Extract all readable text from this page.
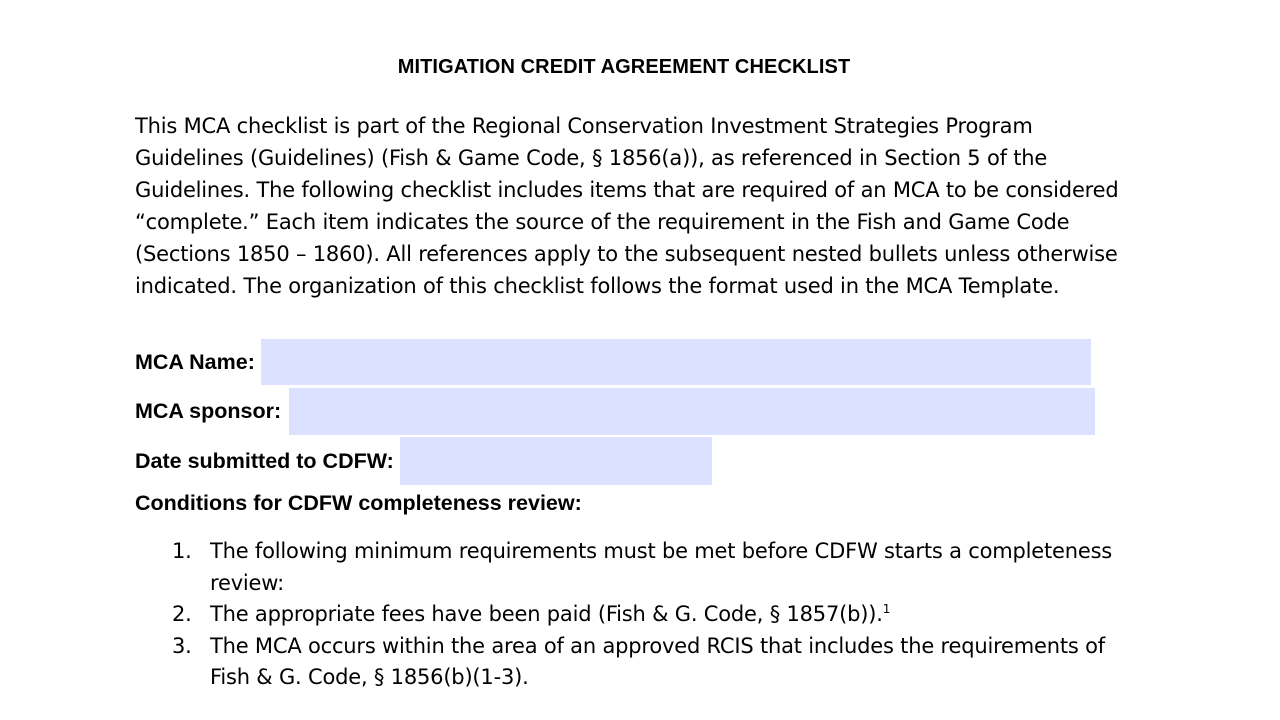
MITIGATION CREDIT AGREEMENT CHECKLIST

This MCA checklist is part of the Regional Conservation Investment Strategies Program Guidelines (Guidelines) (Fish & Game Code, § 1856(a)), as referenced in Section 5 of the Guidelines. The following checklist includes items that are required of an MCA to be considered “complete.” Each item indicates the source of the requirement in the Fish and Game Code (Sections 1850 – 1860). All references apply to the subsequent nested bullets unless otherwise indicated. The organization of this checklist follows the format used in the MCA Template.

MCA Name:
MCA sponsor:
Date submitted to CDFW:
Conditions for CDFW completeness review:
1. The following minimum requirements must be met before CDFW starts a completeness review:
2. The appropriate fees have been paid (Fish & G. Code, § 1857(b)).$^1$
3. The MCA occurs within the area of an approved RCIS that includes the requirements of Fish & G. Code, § 1856(b)(1-3).
